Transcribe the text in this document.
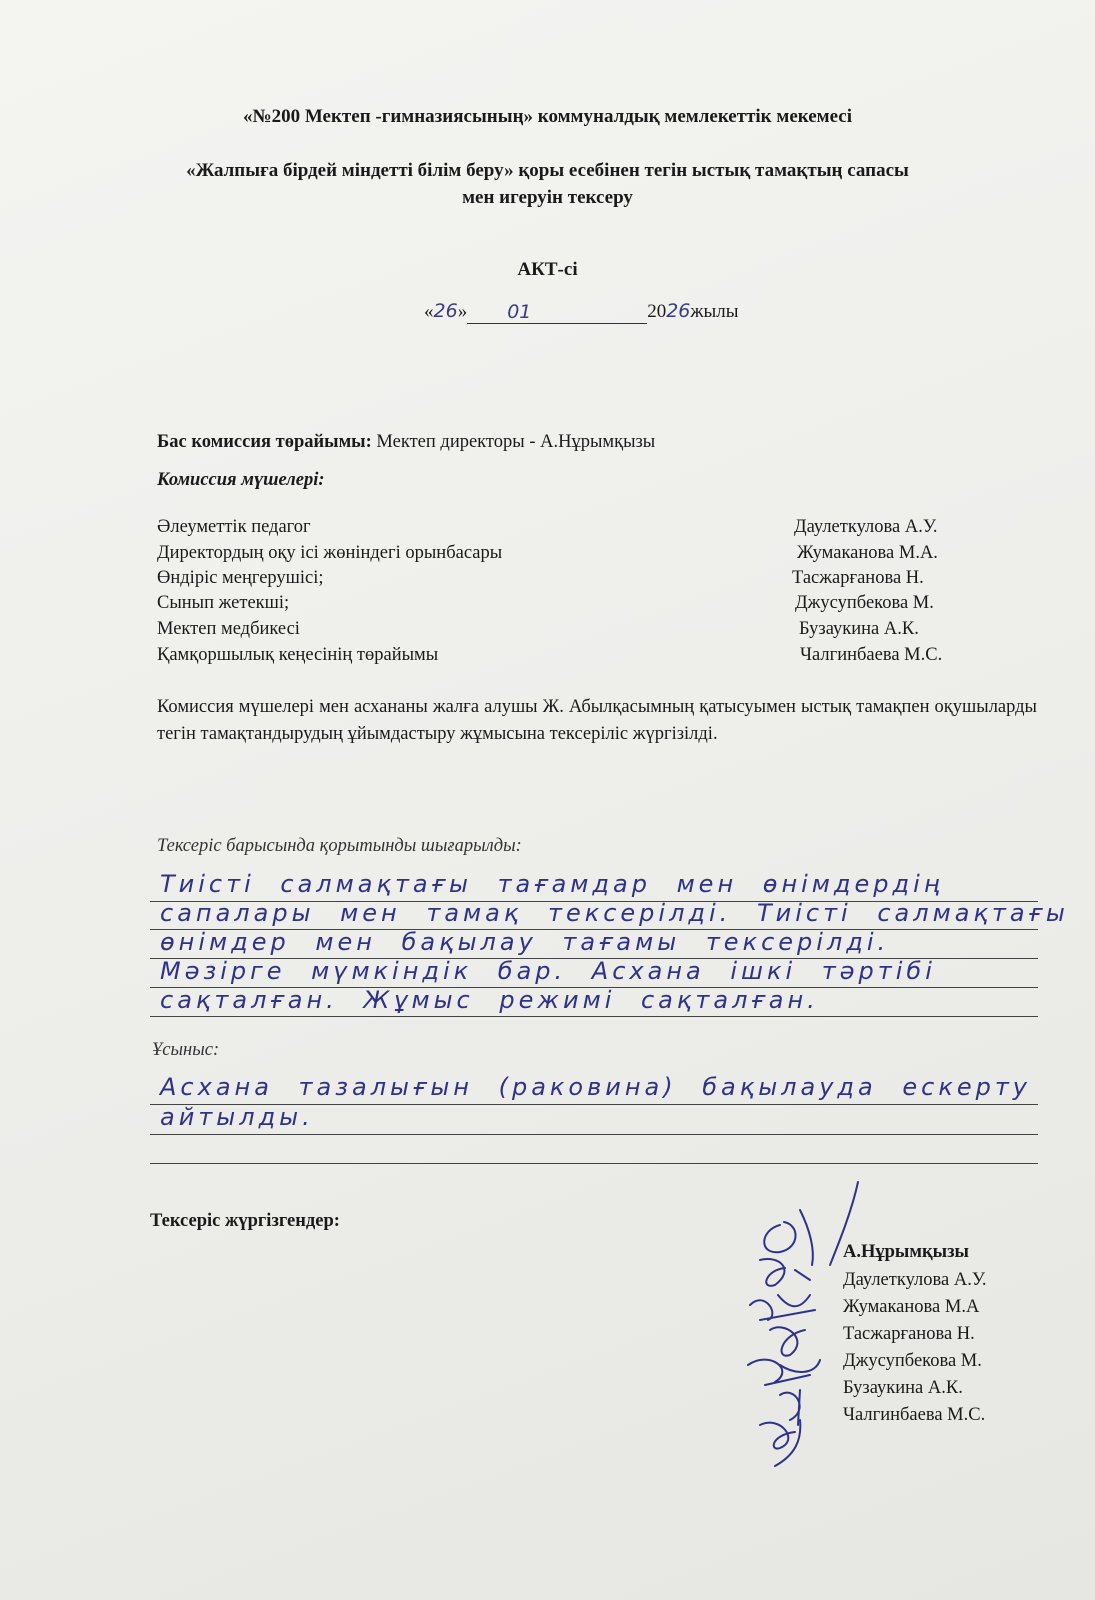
«№200 Мектеп -гимназиясының» коммуналдық мемлекеттік мекемесі
«Жалпыға бірдей міндетті білім беру» қоры есебінен тегін ыстық тамақтың сапасы
мен игеруін тексеру
АКТ-сі
«26» 01	2026жылы
Бас комиссия төрайымы: Мектеп директоры - А.Нұрымқызы
Комиссия мүшелері:
Әлеуметтік педагог	Даулеткулова А.У.
Директордың оқу ісі жөніндегі орынбасары	Жумаканова М.А.
Өндіріс меңгерушісі;	Тасжарғанова Н.
Сынып жетекші;	Джусупбекова М.
Мектеп медбикесі	Бузаукина А.К.
Қамқоршылық кеңесінің төрайымы	Чалгинбаева М.С.
Комиссия мүшелері мен асхананы жалға алушы Ж. Абылқасымның қатысуымен ыстық тамақпен оқушыларды тегін тамақтандырудың ұйымдастыру жұмысына тексеріліс жүргізілді.
Тексеріс барысында қорытынды шығарылды:
Тиісті салмақтағы тағамдар мен өнімдердің
сапалары мен тамақ тексерілді. Тиісті салмақтағы
өнімдер мен бақылау тағамы тексерілді.
Мәзірге мүмкіндік бар. Асхана ішкі тәртібі
сақталған. Жұмыс режимі сақталған.
Ұсыныс:
Асхана тазалығын (раковина) бақылауда ескерту
айтылды.
Тексеріс жүргізгендер:
А.Нұрымқызы
Даулеткулова А.У.
Жумаканова М.А
Тасжарғанова Н.
Джусупбекова М.
Бузаукина А.К.
Чалгинбаева М.С.
